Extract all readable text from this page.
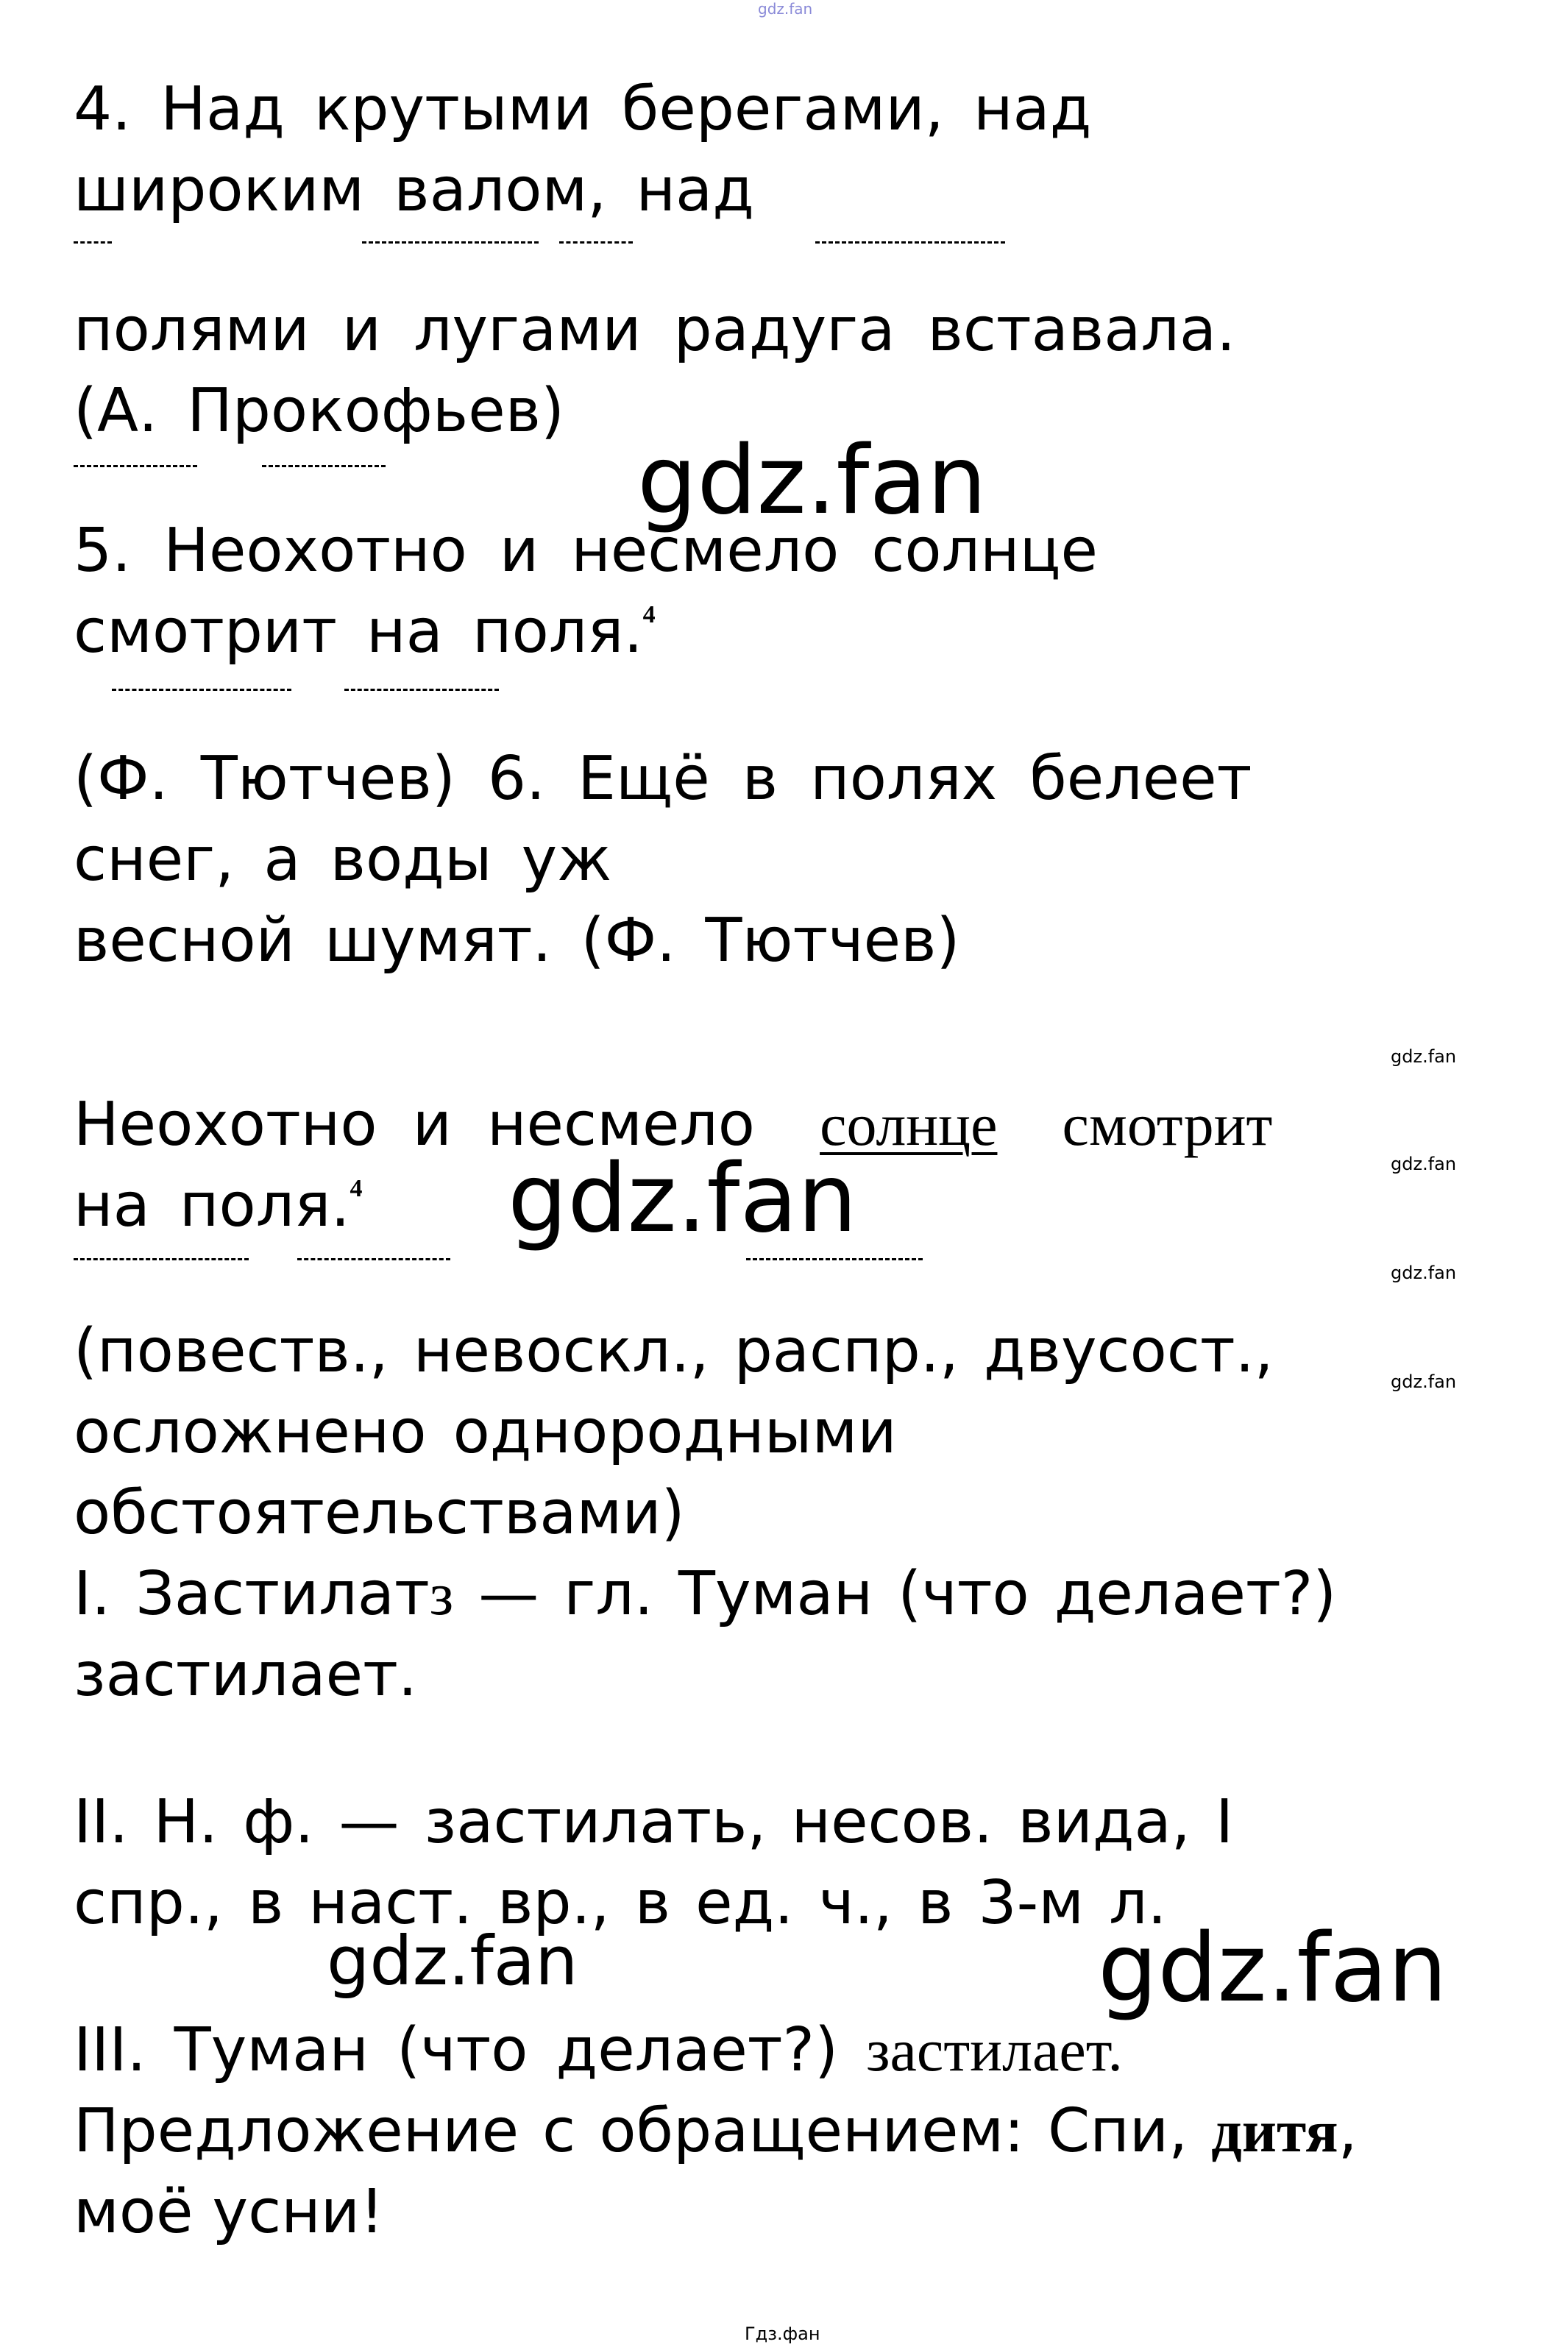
gdz.fan
4. Над крутыми берегами, над
широким валом, над
полями и лугами радуга вставала.
(А. Прокофьев)
gdz.fan
5. Неохотно и несмело солнце
смотрит на поля.$^4$
(Ф. Тютчев) 6. Ещё в полях белеет
снег, а воды уж
весной шумят. (Ф. Тютчев)
gdz.fan
gdz.fan
gdz.fan
gdz.fan
Неохотно и несмело солнце смотрит
на поля.$^4$ gdz.fan
(повеств., невоскл., распр., двусост.,
осложнено однородными
обстоятельствами)
I. Застилатз — гл. Туман (что делает?)
застилает.
II. Н. ф. — застилать, несов. вида, I
спр., в наст. вр., в ед. ч., в 3-м л.
gdz.fan	gdz.fan
III. Туман (что делает?) застилает.
Предложение с обращением: Спи, дитя,
моё усни!
Гдз.фан
